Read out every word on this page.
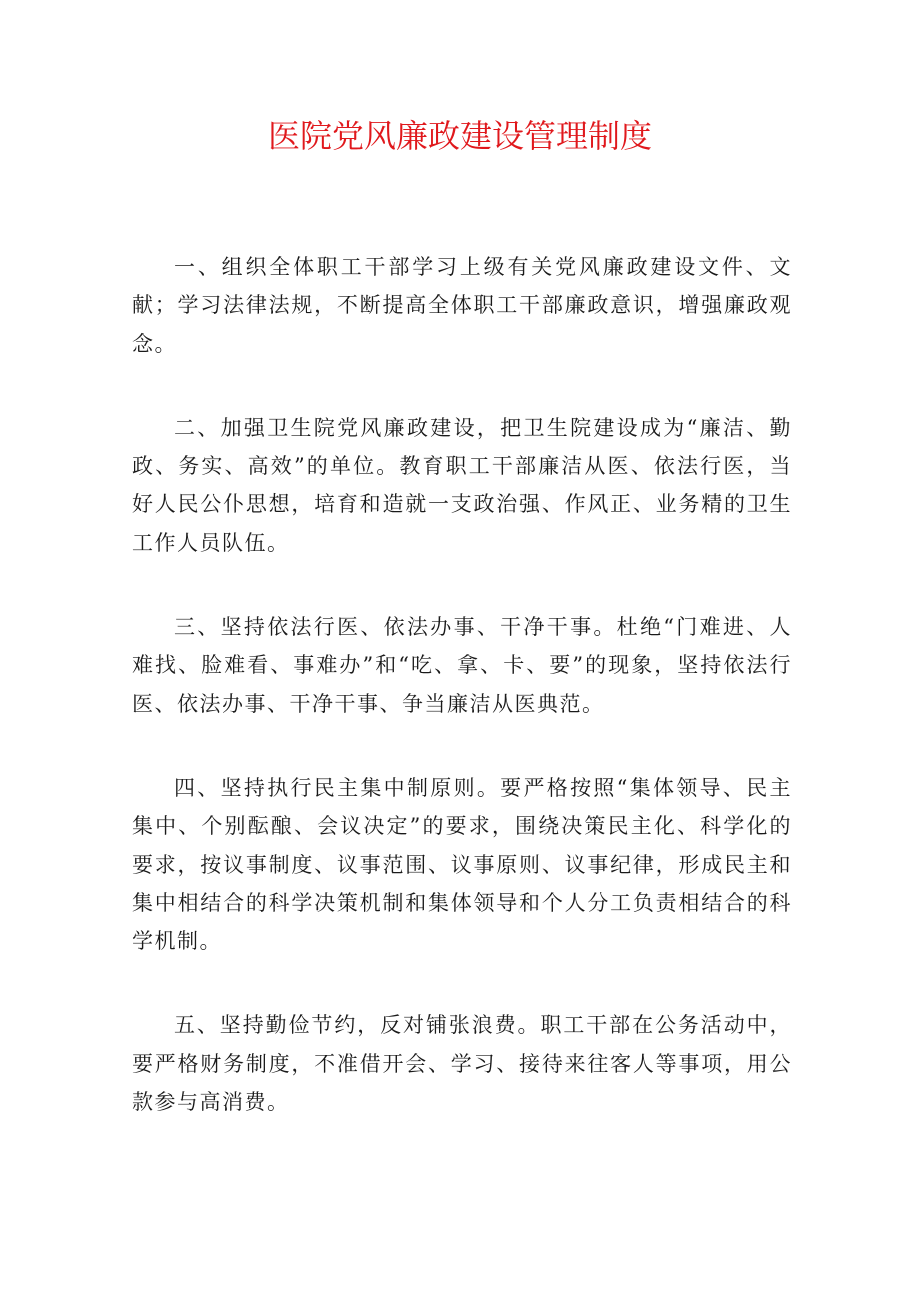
医院党风廉政建设管理制度

一、组织全体职工干部学习上级有关党风廉政建设文件、文献；学习法律法规，不断提高全体职工干部廉政意识，增强廉政观念。

二、加强卫生院党风廉政建设，把卫生院建设成为“廉洁、勤政、务实、高效”的单位。教育职工干部廉洁从医、依法行医，当好人民公仆思想，培育和造就一支政治强、作风正、业务精的卫生工作人员队伍。

三、坚持依法行医、依法办事、干净干事。杜绝“门难进、人难找、脸难看、事难办”和“吃、拿、卡、要”的现象，坚持依法行医、依法办事、干净干事、争当廉洁从医典范。

四、坚持执行民主集中制原则。要严格按照“集体领导、民主集中、个别酝酿、会议决定”的要求，围绕决策民主化、科学化的要求，按议事制度、议事范围、议事原则、议事纪律，形成民主和集中相结合的科学决策机制和集体领导和个人分工负责相结合的科学机制。

五、坚持勤俭节约，反对铺张浪费。职工干部在公务活动中，要严格财务制度，不准借开会、学习、接待来往客人等事项，用公款参与高消费。
